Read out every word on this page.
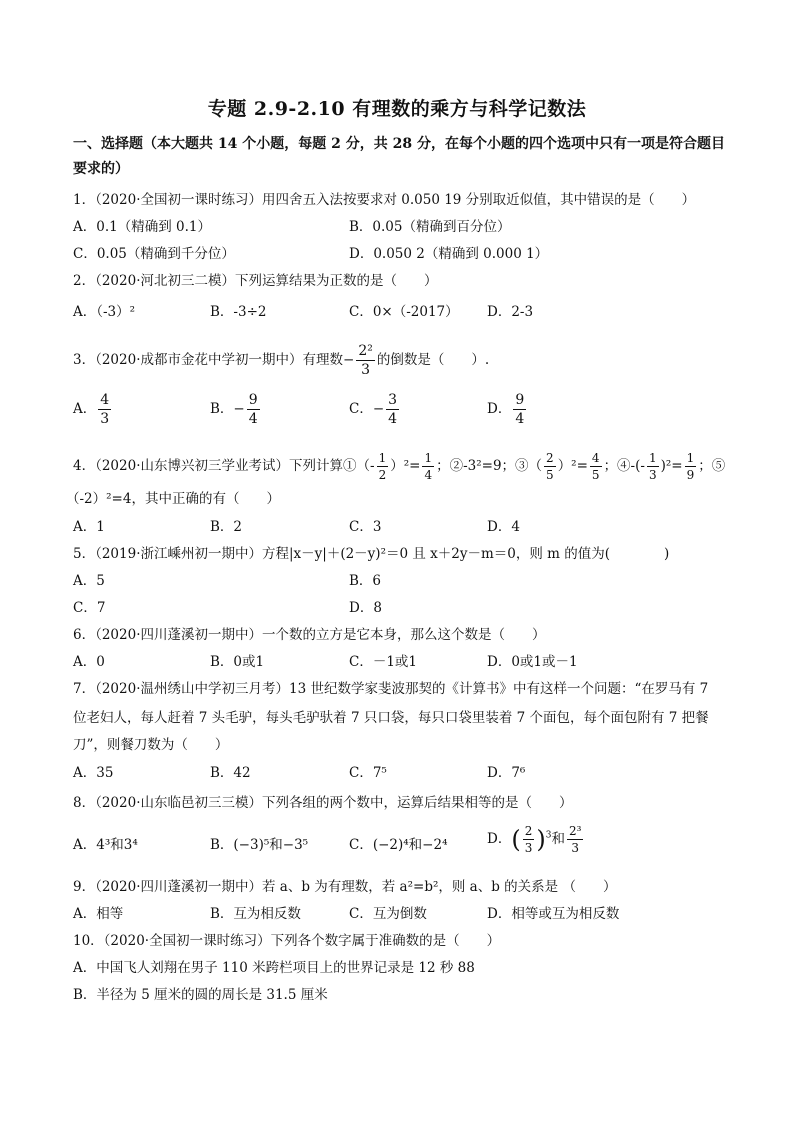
专题 2.9-2.10 有理数的乘方与科学记数法
一、选择题（本大题共 14 个小题，每题 2 分，共 28 分，在每个小题的四个选项中只有一项是符合题目要求的）
1．（2020·全国初一课时练习）用四舍五入法按要求对 0.050 19 分别取近似值，其中错误的是（　　）
A．0.1（精确到 0.1）	B．0.05（精确到百分位）
C．0.05（精确到千分位）	D．0.050 2（精确到 0.000 1）
2．（2020·河北初三二模）下列运算结果为正数的是（　　）
A．（-3）²	B．-3÷2	C．0×（-2017） D．2-3
3．（2020·成都市金花中学初一期中）有理数− $\frac{\text{2²}}{3}$ 的倒数是（　　）.
A． $\frac{4}{3}$	B．− $\frac{9}{4}$	C．− $\frac{3}{4}$	D． $\frac{9}{4}$
4．（2020·山东博兴初三学业考试）下列计算①（- $\frac{1}{2} )^2= \frac{1}{4}$ ；②-3²=9；③（ $\frac{2}{5} )^2= \frac{4}{5}$ ；④-(- $\frac{1}{3} )^2= \frac{1}{9}$ ；⑤
（-2）²=4，其中正确的有（　　）
A．1	B．2	C．3	D．4
5．（2019·浙江嵊州初一期中）方程|x－y|＋(2－y)²＝0 且 x＋2y－m＝0，则 m 的值为(　　　　)
A．5	B．6
C．7	D．8
6．（2020·四川蓬溪初一期中）一个数的立方是它本身，那么这个数是（　　）
A．0	B．0或1	C．－1或1	D．0或1或－1
7．（2020·温州绣山中学初三月考）13 世纪数学家斐波那契的《计算书》中有这样一个问题：“在罗马有 7
位老妇人，每人赶着 7 头毛驴，每头毛驴驮着 7 只口袋，每只口袋里装着 7 个面包，每个面包附有 7 把餐
刀”，则餐刀数为（　　）
A．35	B．42	C．7⁵	D．7⁶
8．（2020·山东临邑初三三模）下列各组的两个数中，运算后结果相等的是（　　）
A．4³和3⁴	B．(−3)⁵和−3⁵	C．(−2)⁴和−2⁴	D．( $\frac{2}{3} )^3$和 $\frac{\text{2³}}{3}$
9．（2020·四川蓬溪初一期中）若 a、b 为有理数，若 a²=b²，则 a、b 的关系是 （　　）
A．相等	B．互为相反数	C．互为倒数	D．相等或互为相反数
10．（2020·全国初一课时练习）下列各个数字属于准确数的是（　　）
A．中国飞人刘翔在男子 110 米跨栏项目上的世界记录是 12 秒 88
B．半径为 5 厘米的圆的周长是 31.5 厘米
